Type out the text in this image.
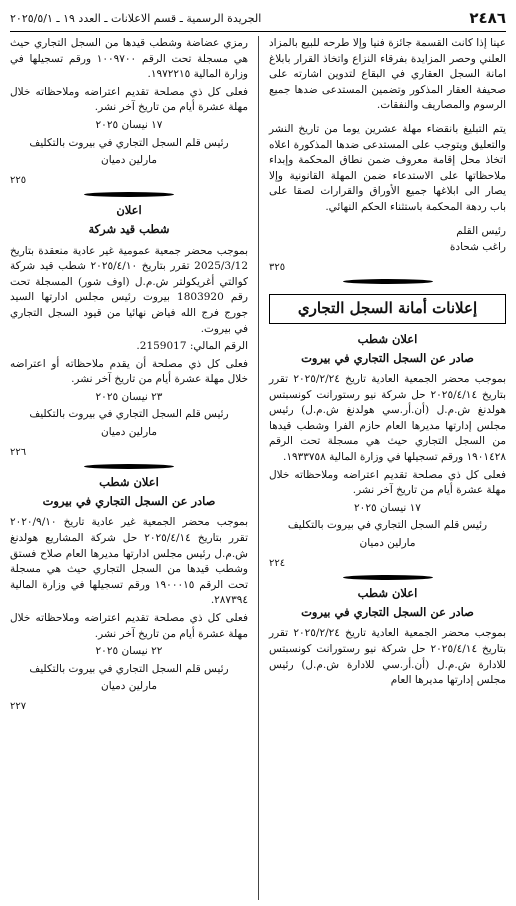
٢٤٨٦
الجريدة الرسمية ـ قسم الاعلانات ـ العدد ١٩ ـ ٢٠٢٥/٥/١

عينا إذا كانت القسمة جائزة فنيا وإلا طرحه للبيع بالمزاد العلني وحصر المزايدة بفرقاء النزاع واتخاذ القرار بابلاغ امانة السجل العقاري في البقاع لتدوين اشارته على صحيفة العقار المذكور وتضمين المستدعى ضدها جميع الرسوم والمصاريف والنفقات.

يتم التبليغ بانقضاء مهلة عشرين يوما من تاريخ النشر والتعليق ويتوجب على المستدعى ضدها المذكورة اعلاه اتخاذ محل إقامة معروف ضمن نطاق المحكمة وإبداء ملاحظاتها على الاستدعاء ضمن المهلة القانونية وإلا يصار الى ابلاغها جميع الأوراق والقرارات لصقا على باب ردهة المحكمة باستثناء الحكم النهائي.

رئيس القلم

راغب شحادة

٣٢٥
إعلانات أمانة السجل التجاري
اعلان شطب
صادر عن السجل التجاري في بيروت

بموجب محضر الجمعية العادية تاريخ ٢٠٢٥/٢/٢٤ تقرر بتاريخ ٢٠٢٥/٤/١٤ حل شركة نيو رستورانت كونسبتس هولدنغ ش.م.ل (أن.أر.سي هولدنغ ش.م.ل) رئيس مجلس إدارتها مديرها العام حازم الفرا وشطب قيدها من السجل التجاري حيث هي مسجلة تحت الرقم ١٩٠١٤٢٨ ورقم تسجيلها في وزارة المالية ١٩٣٣٧٥٨.

فعلى كل ذي مصلحة تقديم اعتراضه وملاحظاته خلال مهلة عشرة أيام من تاريخ آخر نشر.

١٧ نيسان ٢٠٢٥

رئيس قلم السجل التجاري في بيروت بالتكليف

مارلين دميان

٢٢٤
اعلان شطب
صادر عن السجل التجاري في بيروت

بموجب محضر الجمعية العادية تاريخ ٢٠٢٥/٢/٢٤ تقرر بتاريخ ٢٠٢٥/٤/١٤ حل شركة نيو رستورانت كونسبتس للادارة ش.م.ل (أن.أر.سي للادارة ش.م.ل) رئيس مجلس إدارتها مديرها العام

رمزي عضاضة وشطب قيدها من السجل التجاري حيث هي مسجلة تحت الرقم ١٠٠٩٧٠٠ ورقم تسجيلها في وزارة المالية ١٩٧٢٢١٥.

فعلى كل ذي مصلحة تقديم اعتراضه وملاحظاته خلال مهلة عشرة أيام من تاريخ آخر نشر.

١٧ نيسان ٢٠٢٥

رئيس قلم السجل التجاري في بيروت بالتكليف

مارلين دميان

٢٢٥
اعلان
شطب قيد شركة

بموجب محضر جمعية عمومية غير عادية منعقدة بتاريخ 2025/3/12 تقرر بتاريخ ٢٠٢٥/٤/١٠ شطب قيد شركة كوالتي أغريكولتر ش.م.ل (اوف شور) المسجلة تحت رقم 1803920 بيروت رئيس مجلس ادارتها السيد جورج فرج الله فياض نهائيا من قيود السجل التجاري في بيروت.

الرقم المالي: 2159017.

فعلى كل ذي مصلحة أن يقدم ملاحظاته أو اعتراضه خلال مهلة عشرة أيام من تاريخ آخر نشر.

٢٣ نيسان ٢٠٢٥

رئيس قلم السجل التجاري في بيروت بالتكليف

مارلين دميان

٢٢٦
اعلان شطب
صادر عن السجل التجاري في بيروت

بموجب محضر الجمعية غير عادية تاريخ ٢٠٢٠/٩/١٠ تقرر بتاريخ ٢٠٢٥/٤/١٤ حل شركة المشاريع هولدنغ ش.م.ل رئيس مجلس ادارتها مديرها العام صلاح فستق وشطب قيدها من السجل التجاري حيث هي مسجلة تحت الرقم ١٩٠٠٠١٥ ورقم تسجيلها في وزارة المالية ٢٨٧٣٩٤.

فعلى كل ذي مصلحة تقديم اعتراضه وملاحظاته خلال مهلة عشرة أيام من تاريخ آخر نشر.

٢٢ نيسان ٢٠٢٥

رئيس قلم السجل التجاري في بيروت بالتكليف

مارلين دميان

٢٢٧
